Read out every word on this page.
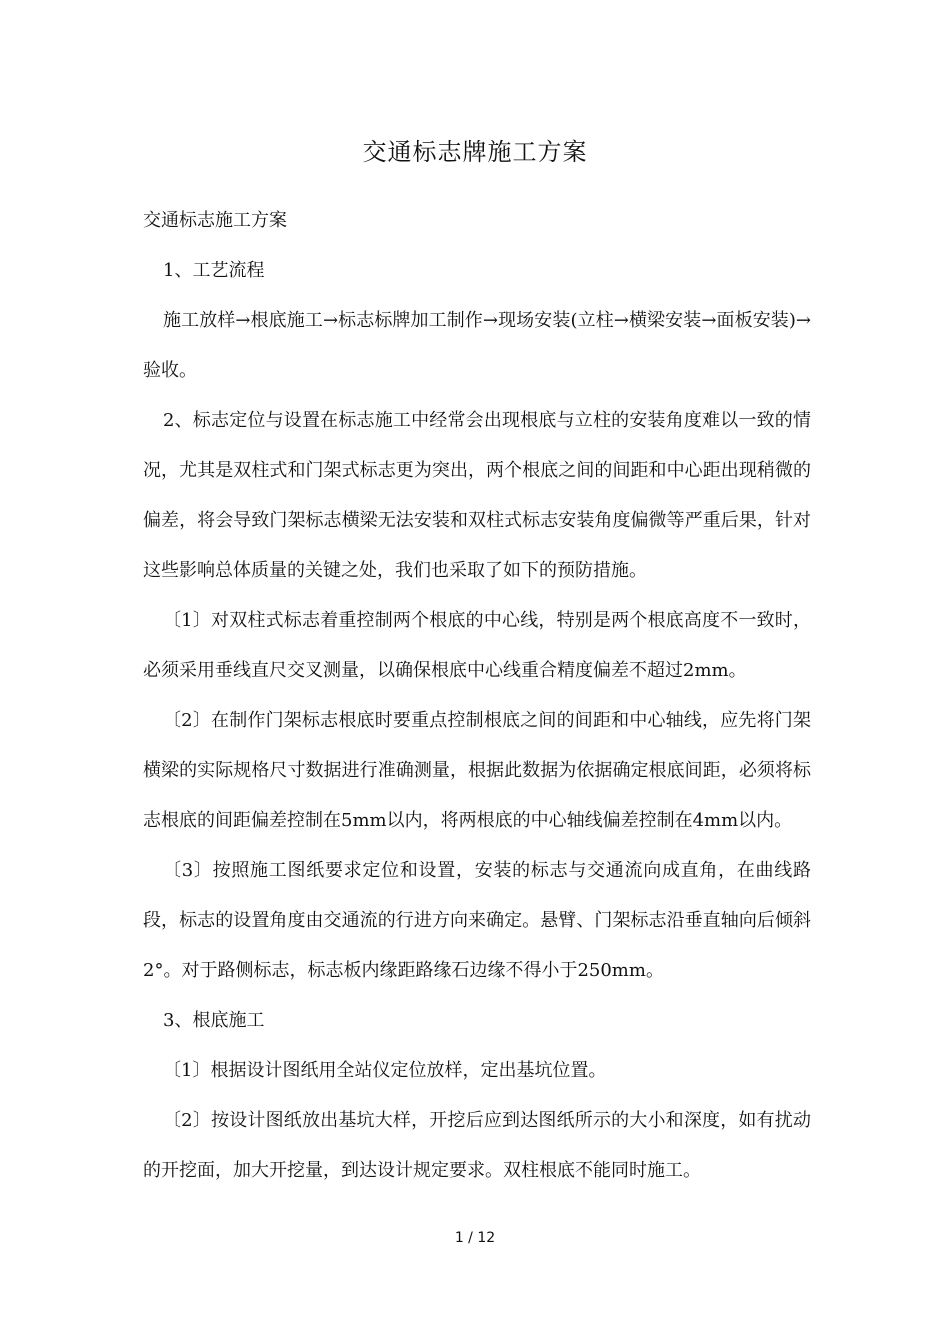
交通标志牌施工方案

交通标志施工方案

1、工艺流程

施工放样→根底施工→标志标牌加工制作→现场安装(立柱→横梁安装→面板安装)→验收。

2、标志定位与设置在标志施工中经常会出现根底与立柱的安装角度难以一致的情况，尤其是双柱式和门架式标志更为突出，两个根底之间的间距和中心距出现稍微的偏差，将会导致门架标志横梁无法安装和双柱式标志安装角度偏微等严重后果，针对这些影响总体质量的关键之处，我们也采取了如下的预防措施。

〔1〕对双柱式标志着重控制两个根底的中心线，特别是两个根底高度不一致时，必须采用垂线直尺交叉测量，以确保根底中心线重合精度偏差不超过2mm。

〔2〕在制作门架标志根底时要重点控制根底之间的间距和中心轴线，应先将门架横梁的实际规格尺寸数据进行准确测量，根据此数据为依据确定根底间距，必须将标志根底的间距偏差控制在5mm以内，将两根底的中心轴线偏差控制在4mm以内。

〔3〕按照施工图纸要求定位和设置，安装的标志与交通流向成直角，在曲线路段，标志的设置角度由交通流的行进方向来确定。悬臂、门架标志沿垂直轴向后倾斜2°。对于路侧标志，标志板内缘距路缘石边缘不得小于250mm。

3、根底施工

〔1〕根据设计图纸用全站仪定位放样，定出基坑位置。

〔2〕按设计图纸放出基坑大样，开挖后应到达图纸所示的大小和深度，如有扰动的开挖面，加大开挖量，到达设计规定要求。双柱根底不能同时施工。

1 / 12
